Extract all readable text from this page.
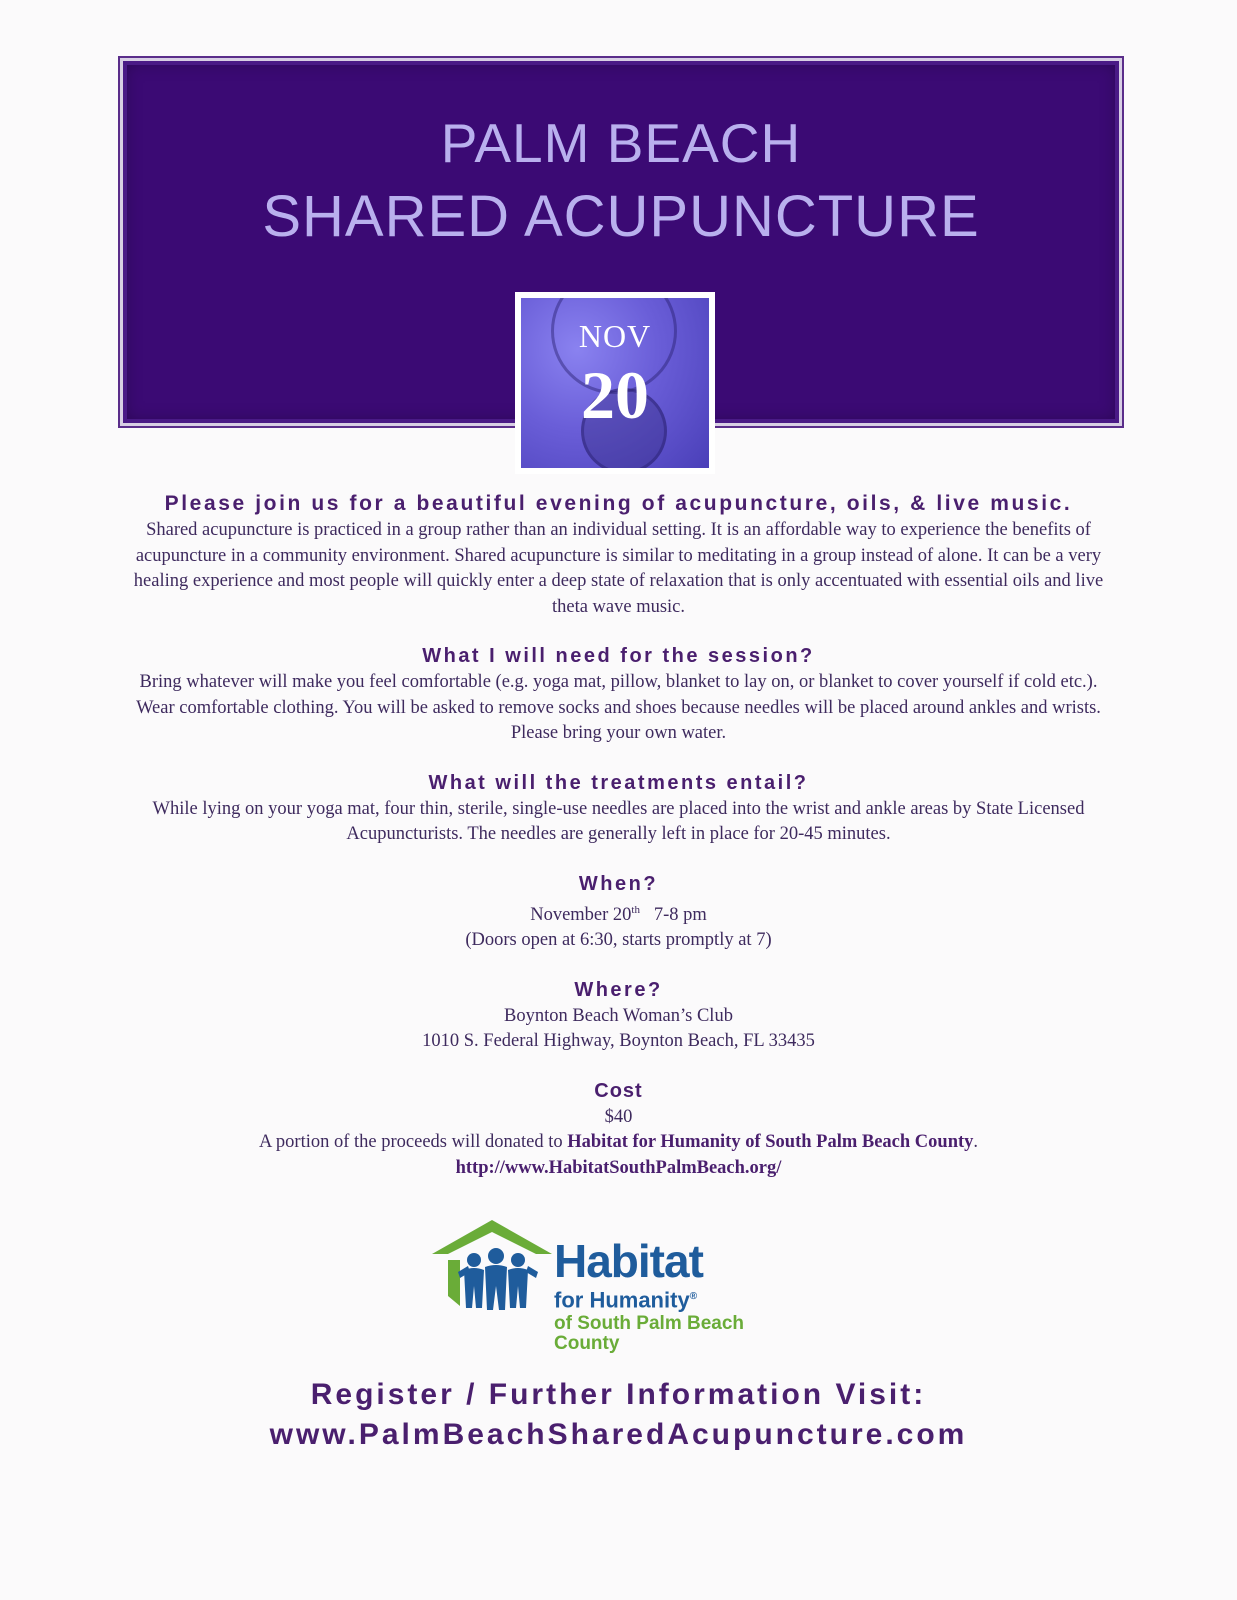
PALM BEACH
SHARED ACUPUNCTURE
NOV
20

Please join us for a beautiful evening of acupuncture, oils, & live music.

Shared acupuncture is practiced in a group rather than an individual setting. It is an affordable way to experience the benefits of acupuncture in a community environment. Shared acupuncture is similar to meditating in a group instead of alone. It can be a very healing experience and most people will quickly enter a deep state of relaxation that is only accentuated with essential oils and live theta wave music.

What I will need for the session?

Bring whatever will make you feel comfortable (e.g. yoga mat, pillow, blanket to lay on, or blanket to cover yourself if cold etc.). Wear comfortable clothing. You will be asked to remove socks and shoes because needles will be placed around ankles and wrists. Please bring your own water.

What will the treatments entail?

While lying on your yoga mat, four thin, sterile, single-use needles are placed into the wrist and ankle areas by State Licensed Acupuncturists. The needles are generally left in place for 20-45 minutes.

When?

November 20th 7-8 pm

(Doors open at 6:30, starts promptly at 7)

Where?

Boynton Beach Woman’s Club

1010 S. Federal Highway, Boynton Beach, FL 33435

Cost

$40

A portion of the proceeds will donated to Habitat for Humanity of South Palm Beach County.

http://www.HabitatSouthPalmBeach.org/

Habitat
for Humanity®
of South Palm Beach County
Register / Further Information Visit:
www.PalmBeachSharedAcupuncture.com
